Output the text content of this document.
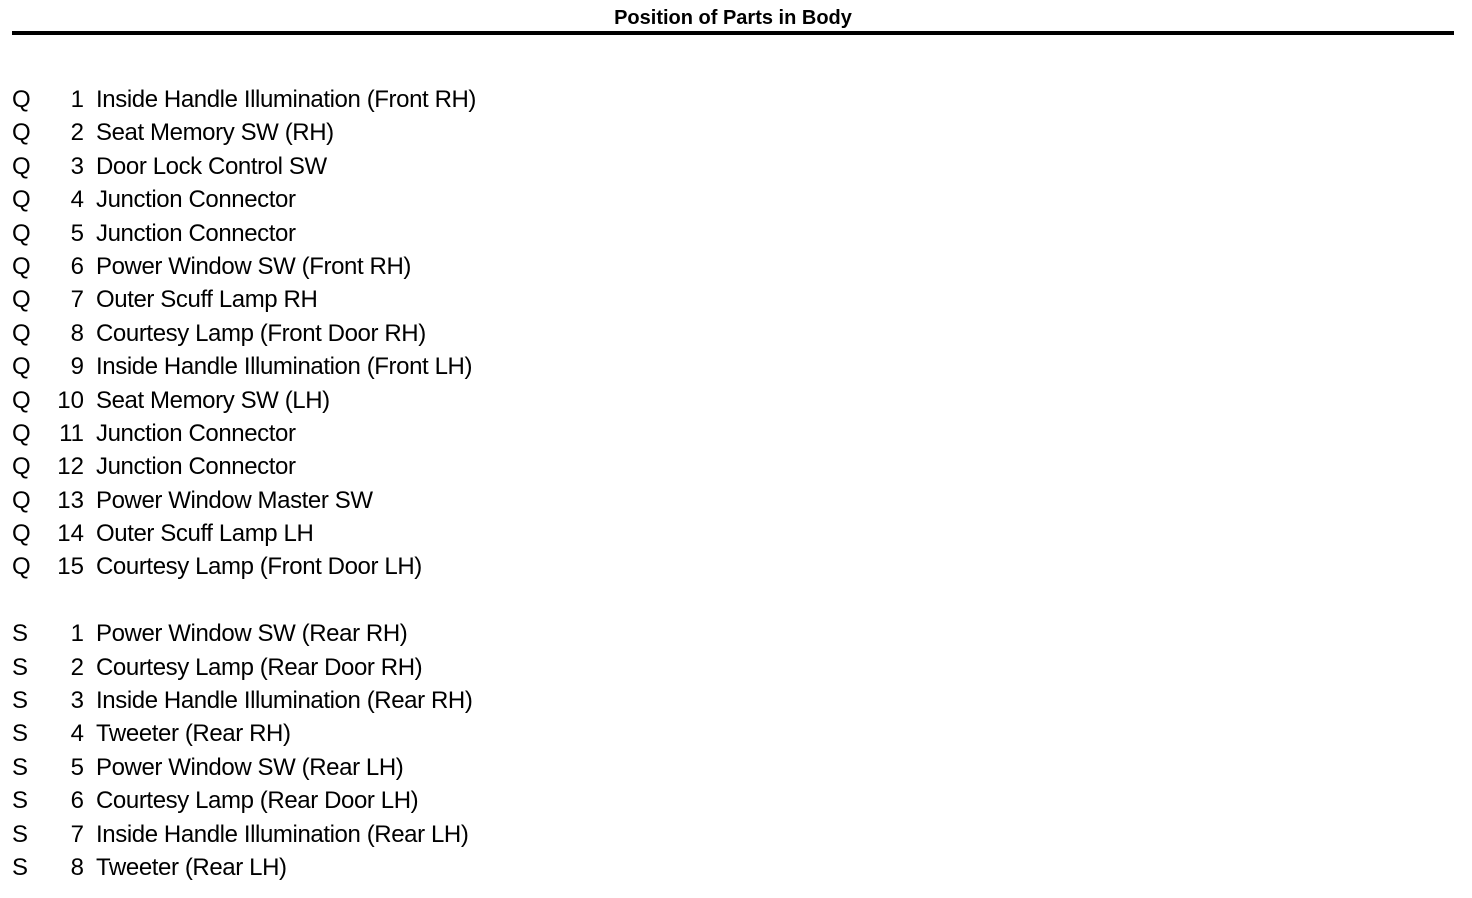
Position of Parts in Body
Q	1 Inside Handle Illumination (Front RH)
Q	2 Seat Memory SW (RH)
Q	3 Door Lock Control SW
Q	4 Junction Connector
Q	5 Junction Connector
Q	6 Power Window SW (Front RH)
Q	7 Outer Scuff Lamp RH
Q	8 Courtesy Lamp (Front Door RH)
Q	9 Inside Handle Illumination (Front LH)
Q	10 Seat Memory SW (LH)
Q	11 Junction Connector
Q	12 Junction Connector
Q	13 Power Window Master SW
Q	14 Outer Scuff Lamp LH
Q	15 Courtesy Lamp (Front Door LH)
S	1 Power Window SW (Rear RH)
S	2 Courtesy Lamp (Rear Door RH)
S	3 Inside Handle Illumination (Rear RH)
S	4 Tweeter (Rear RH)
S	5 Power Window SW (Rear LH)
S	6 Courtesy Lamp (Rear Door LH)
S	7 Inside Handle Illumination (Rear LH)
S	8 Tweeter (Rear LH)
